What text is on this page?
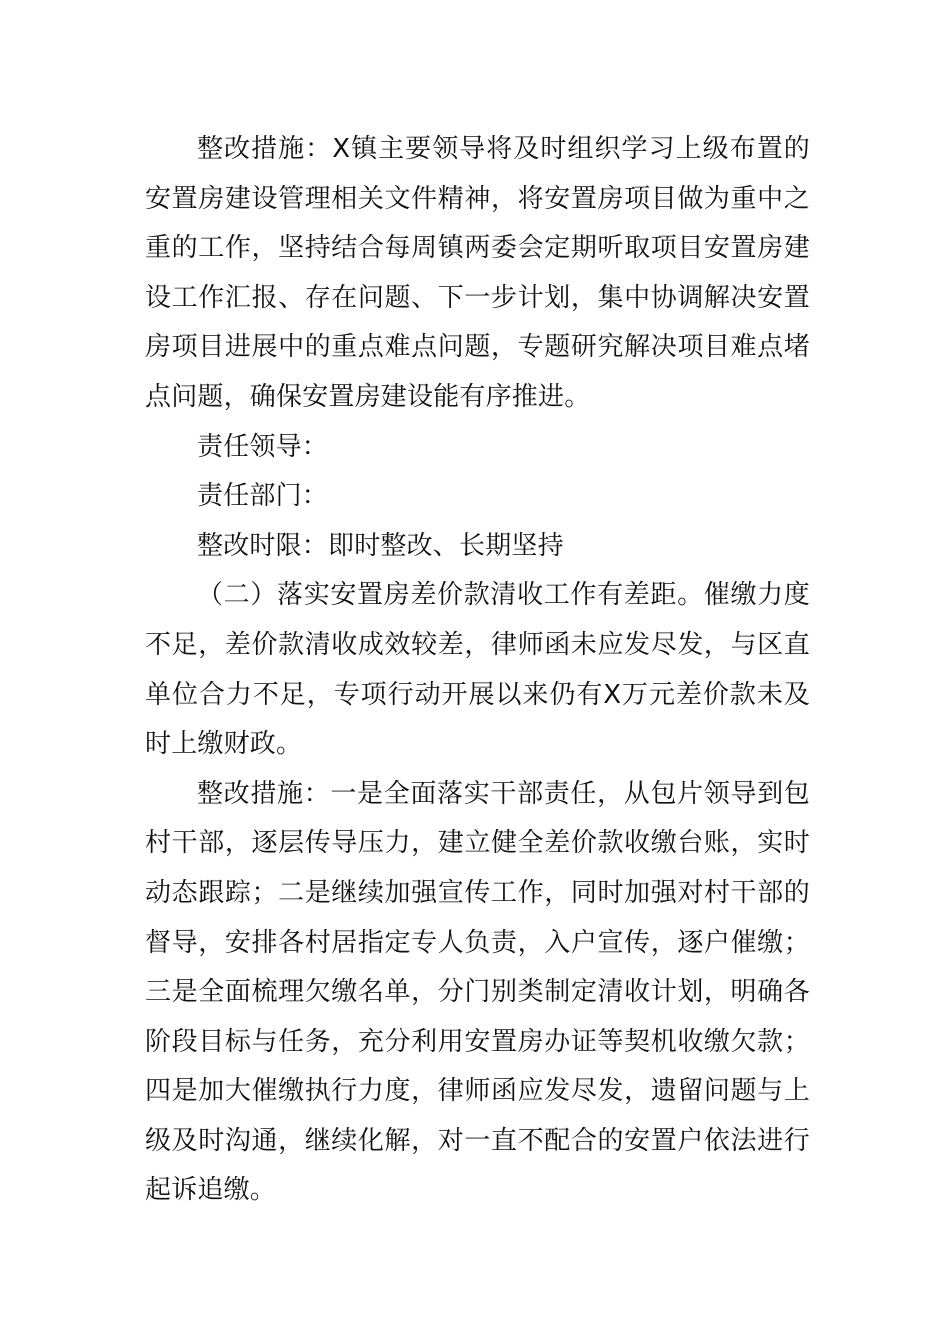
整改措施：X镇主要领导将及时组织学习上级布置的安置房建设管理相关文件精神，将安置房项目做为重中之重的工作，坚持结合每周镇两委会定期听取项目安置房建设工作汇报、存在问题、下一步计划，集中协调解决安置房项目进展中的重点难点问题，专题研究解决项目难点堵点问题，确保安置房建设能有序推进。

责任领导：

责任部门：

整改时限：即时整改、长期坚持

（二）落实安置房差价款清收工作有差距。催缴力度不足，差价款清收成效较差，律师函未应发尽发，与区直单位合力不足，专项行动开展以来仍有X万元差价款未及时上缴财政。

整改措施：一是全面落实干部责任，从包片领导到包村干部，逐层传导压力，建立健全差价款收缴台账，实时动态跟踪；二是继续加强宣传工作，同时加强对村干部的督导，安排各村居指定专人负责，入户宣传，逐户催缴；三是全面梳理欠缴名单，分门别类制定清收计划，明确各阶段目标与任务，充分利用安置房办证等契机收缴欠款；四是加大催缴执行力度，律师函应发尽发，遗留问题与上级及时沟通，继续化解，对一直不配合的安置户依法进行起诉追缴。
